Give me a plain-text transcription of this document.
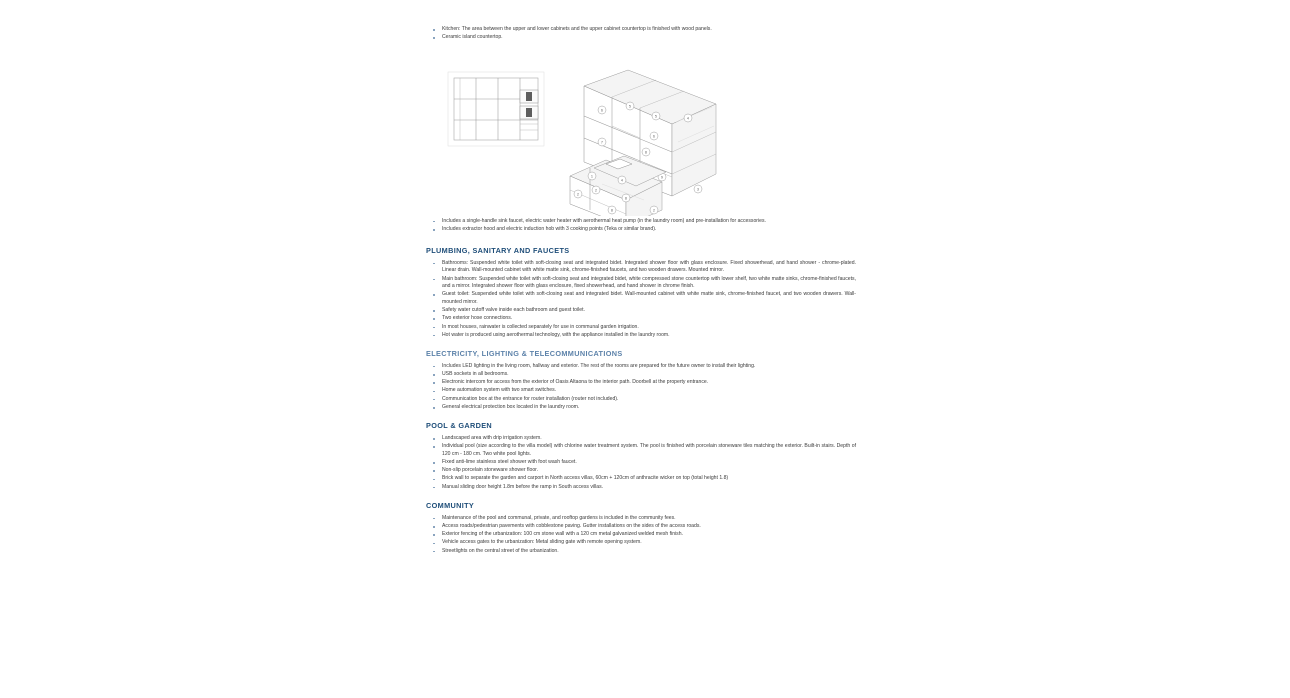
Kitchen: The area between the upper and lower cabinets and the upper cabinet countertop is finished with wood panels.
Ceramic island countertop.
6
7
5
5	4
6
8
9
3
2
1
2
4
8
8	2
Includes a single-handle sink faucet, electric water heater with aerothermal heat pump (in the laundry room) and pre-installation for accessories.
Includes extractor hood and electric induction hob with 3 cooking points (Teka or similar brand).
PLUMBING, SANITARY AND FAUCETS
Bathrooms: Suspended white toilet with soft-closing seat and integrated bidet. Integrated shower floor with glass enclosure. Fixed showerhead, and hand shower - chrome-plated. Linear drain. Wall-mounted cabinet with white matte sink, chrome-finished faucets, and two wooden drawers. Mounted mirror.
Main bathroom: Suspended white toilet with soft-closing seat and integrated bidet, white compressed stone countertop with lower shelf, two white matte sinks, chrome-finished faucets, and a mirror. Integrated shower floor with glass enclosure, fixed showerhead, and hand shower in chrome finish.
Guest toilet: Suspended white toilet with soft-closing seat and integrated bidet. Wall-mounted cabinet with white matte sink, chrome-finished faucet, and two wooden drawers. Wall-mounted mirror.
Safety water cutoff valve inside each bathroom and guest toilet.
Two exterior hose connections.
In most houses, rainwater is collected separately for use in communal garden irrigation.
Hot water is produced using aerothermal technology, with the appliance installed in the laundry room.
ELECTRICITY, LIGHTING & TELECOMMUNICATIONS
Includes LED lighting in the living room, hallway and exterior. The rest of the rooms are prepared for the future owner to install their lighting.
USB sockets in all bedrooms.
Electronic intercom for access from the exterior of Oasis Altaona to the interior path. Doorbell at the property entrance.
Home automation system with two smart switches.
Communication box at the entrance for router installation (router not included).
General electrical protection box located in the laundry room.
POOL & GARDEN
Landscaped area with drip irrigation system.
Individual pool (size according to the villa model) with chlorine water treatment system. The pool is finished with porcelain stoneware tiles matching the exterior. Built-in stairs. Depth of 120 cm - 180 cm. Two white pool lights.
Fixed anti-lime stainless steel shower with foot wash faucet.
Non-slip porcelain stoneware shower floor.
Brick wall to separate the garden and carport in North access villas, 60cm + 120cm of anthracite wicker on top (total height 1.8)
Manual sliding door height 1.8m before the ramp in South access villas.
COMMUNITY
Maintenance of the pool and communal, private, and rooftop gardens is included in the community fees.
Access roads/pedestrian pavements with cobblestone paving. Gutter installations on the sides of the access roads.
Exterior fencing of the urbanization: 100 cm stone wall with a 120 cm metal galvanized welded mesh finish.
Vehicle access gates to the urbanization: Metal sliding gate with remote opening system.
Streetlights on the central street of the urbanization.
